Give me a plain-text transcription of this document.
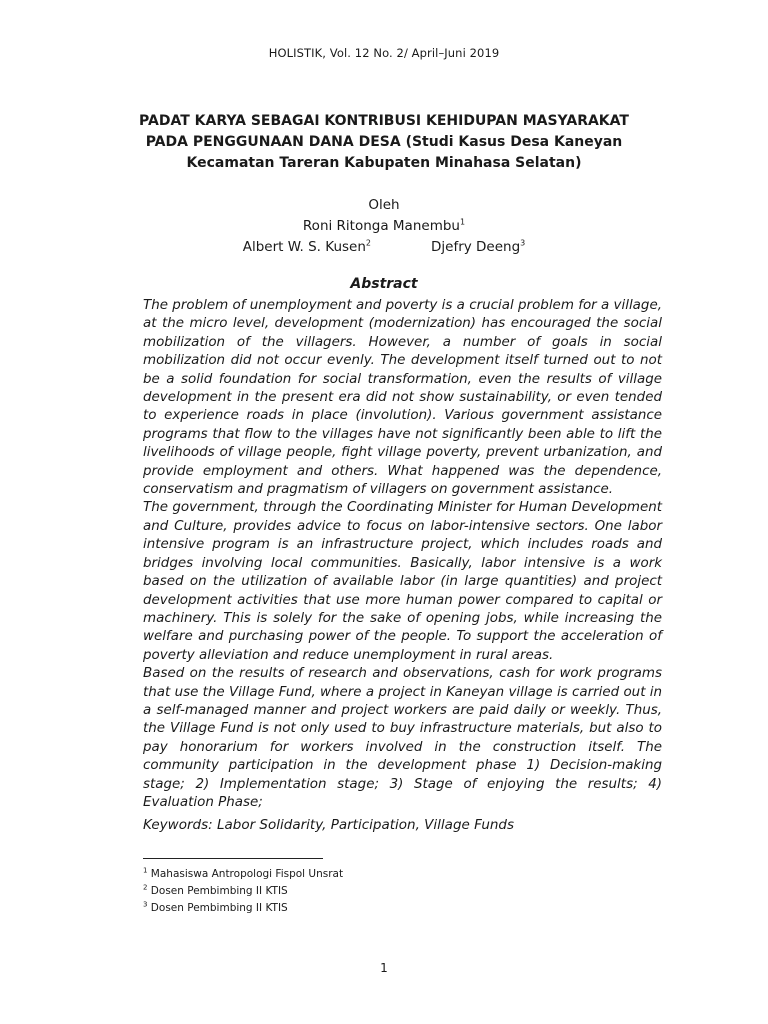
HOLISTIK, Vol. 12 No. 2/ April–Juni 2019
PADAT KARYA SEBAGAI KONTRIBUSI KEHIDUPAN MASYARAKAT
PADA PENGGUNAAN DANA DESA (Studi Kasus Desa Kaneyan
Kecamatan Tareran Kabupaten Minahasa Selatan)
Oleh
Roni Ritonga Manembu$^1$
Albert W. S. Kusen$^2$	Djefry Deeng$^3$
Abstract

The problem of unemployment and poverty is a crucial problem for a village, at the micro level, development (modernization) has encouraged the social mobilization of the villagers. However, a number of goals in social mobilization did not occur evenly. The development itself turned out to not be a solid foundation for social transformation, even the results of village development in the present era did not show sustainability, or even tended to experience roads in place (involution). Various government assistance programs that flow to the villages have not significantly been able to lift the livelihoods of village people, fight village poverty, prevent urbanization, and provide employment and others. What happened was the dependence, conservatism and pragmatism of villagers on government assistance.

The government, through the Coordinating Minister for Human Development and Culture, provides advice to focus on labor-intensive sectors. One labor intensive program is an infrastructure project, which includes roads and bridges involving local communities. Basically, labor intensive is a work based on the utilization of available labor (in large quantities) and project development activities that use more human power compared to capital or machinery. This is solely for the sake of opening jobs, while increasing the welfare and purchasing power of the people. To support the acceleration of poverty alleviation and reduce unemployment in rural areas.

Based on the results of research and observations, cash for work programs that use the Village Fund, where a project in Kaneyan village is carried out in a self-managed manner and project workers are paid daily or weekly. Thus, the Village Fund is not only used to buy infrastructure materials, but also to pay honorarium for workers involved in the construction itself. The community participation in the development phase 1) Decision-making stage; 2) Implementation stage; 3) Stage of enjoying the results; 4) Evaluation Phase;

Keywords: Labor Solidarity, Participation, Village Funds
$^1$ Mahasiswa Antropologi Fispol Unsrat
$^2$ Dosen Pembimbing II KTIS
$^3$ Dosen Pembimbing II KTIS
1
